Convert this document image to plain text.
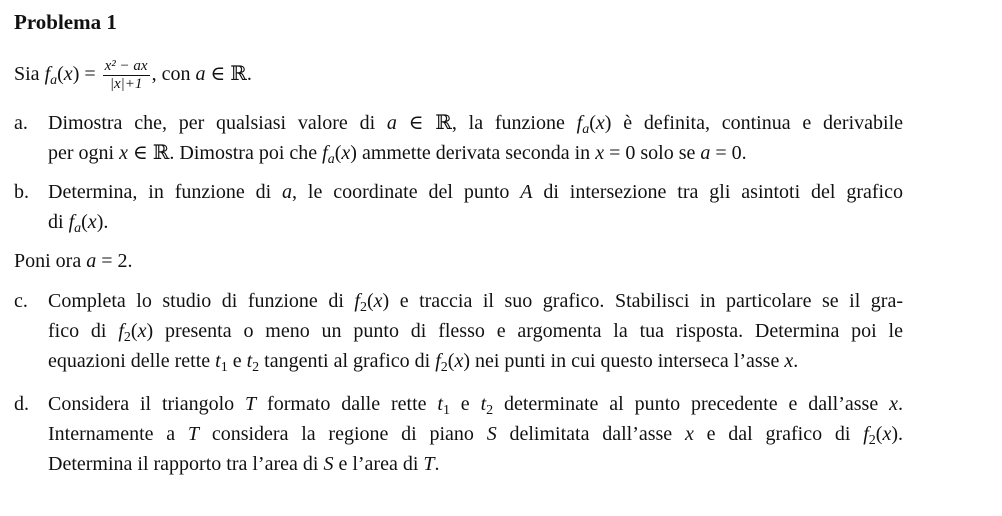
Problema 1
Sia $f_a(x) = \frac{\text{x² − ax}}{|x|+1}$ , con a ∈ ℝ.
a. Dimostra che, per qualsiasi valore di a ∈ ℝ, la funzione $f_a(x)$ è definita, continua e derivabile
per ogni x ∈ ℝ. Dimostra poi che $f_a(x)$ ammette derivata seconda in x = 0 solo se a = 0.
b. Determina, in funzione di a, le coordinate del punto A di intersezione tra gli asintoti del grafico
di $f_a(x)$.
Poni ora a = 2.
c. Completa lo studio di funzione di $f_2(x)$ e traccia il suo grafico. Stabilisci in particolare se il gra-
fico di $f_2(x)$ presenta o meno un punto di flesso e argomenta la tua risposta. Determina poi le
equazioni delle rette $t_1$ e $t_2$ tangenti al grafico di $f_2(x)$ nei punti in cui questo interseca l’asse x.
d. Considera il triangolo T formato dalle rette $t_1$ e $t_2$ determinate al punto precedente e dall’asse x.
Internamente a T considera la regione di piano S delimitata dall’asse x e dal grafico di $f_2(x)$.
Determina il rapporto tra l’area di S e l’area di T.
